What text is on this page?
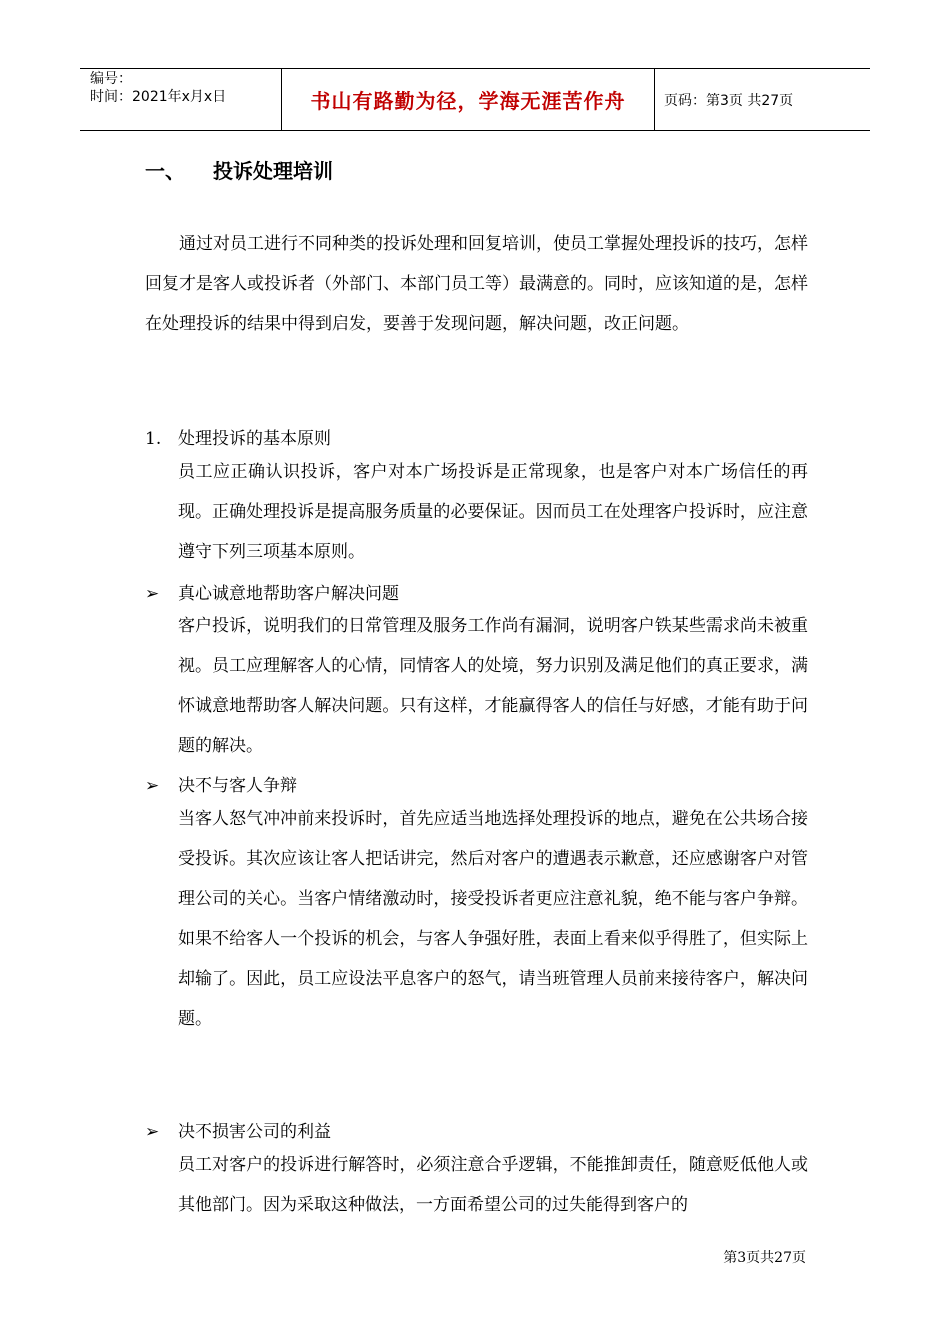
编号：
时间：2021年x月x日	书山有路勤为径，学海无涯苦作舟	页码：第3页 共27页
一、 投诉处理培训
通过对员工进行不同种类的投诉处理和回复培训，使员工掌握处理投诉的技巧，怎样回复才是客人或投诉者（外部门、本部门员工等）最满意的。同时，应该知道的是，怎样在处理投诉的结果中得到启发，要善于发现问题，解决问题，改正问题。
1. 处理投诉的基本原则
员工应正确认识投诉，客户对本广场投诉是正常现象，也是客户对本广场信任的再现。正确处理投诉是提高服务质量的必要保证。因而员工在处理客户投诉时，应注意遵守下列三项基本原则。
➢ 真心诚意地帮助客户解决问题
客户投诉，说明我们的日常管理及服务工作尚有漏洞，说明客户铁某些需求尚未被重视。员工应理解客人的心情，同情客人的处境，努力识别及满足他们的真正要求，满怀诚意地帮助客人解决问题。只有这样，才能赢得客人的信任与好感，才能有助于问题的解决。
➢ 决不与客人争辩
当客人怒气冲冲前来投诉时，首先应适当地选择处理投诉的地点，避免在公共场合接受投诉。其次应该让客人把话讲完，然后对客户的遭遇表示歉意，还应感谢客户对管理公司的关心。当客户情绪激动时，接受投诉者更应注意礼貌，绝不能与客户争辩。如果不给客人一个投诉的机会，与客人争强好胜，表面上看来似乎得胜了，但实际上却输了。因此，员工应设法平息客户的怒气，请当班管理人员前来接待客户，解决问题。
➢ 决不损害公司的利益
员工对客户的投诉进行解答时，必须注意合乎逻辑，不能推卸责任，随意贬低他人或其他部门。因为采取这种做法，一方面希望公司的过失能得到客户的
第3页共27页
